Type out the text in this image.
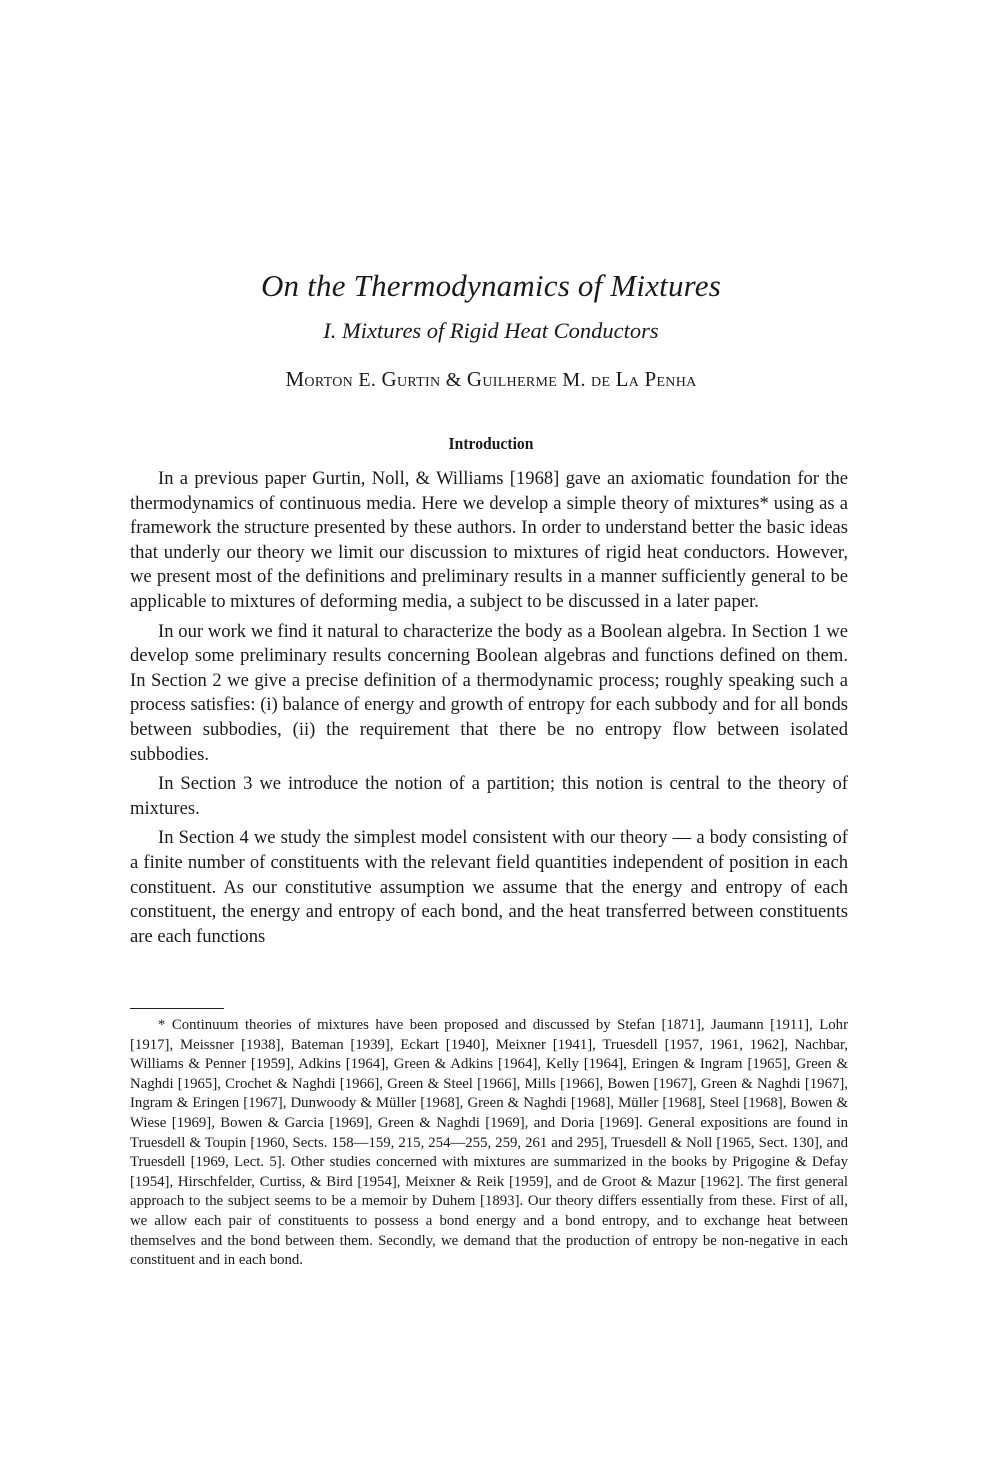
On the Thermodynamics of Mixtures
I. Mixtures of Rigid Heat Conductors
Morton E. Gurtin & Guilherme M. de La Penha
Introduction

In a previous paper Gurtin, Noll, & Williams [1968] gave an axiomatic foundation for the thermodynamics of continuous media. Here we develop a simple theory of mixtures* using as a framework the structure presented by these authors. In order to understand better the basic ideas that underly our theory we limit our discussion to mixtures of rigid heat conductors. However, we present most of the definitions and preliminary results in a manner sufficiently general to be applicable to mixtures of deforming media, a subject to be discussed in a later paper.

In our work we find it natural to characterize the body as a Boolean algebra. In Section 1 we develop some preliminary results concerning Boolean algebras and functions defined on them. In Section 2 we give a precise definition of a thermodynamic process; roughly speaking such a process satisfies: (i) balance of energy and growth of entropy for each subbody and for all bonds between subbodies, (ii) the requirement that there be no entropy flow between isolated subbodies.

In Section 3 we introduce the notion of a partition; this notion is central to the theory of mixtures.

In Section 4 we study the simplest model consistent with our theory — a body consisting of a finite number of constituents with the relevant field quantities independent of position in each constituent. As our constitutive assumption we assume that the energy and entropy of each constituent, the energy and entropy of each bond, and the heat transferred between constituents are each functions

* Continuum theories of mixtures have been proposed and discussed by Stefan [1871], Jaumann [1911], Lohr [1917], Meissner [1938], Bateman [1939], Eckart [1940], Meixner [1941], Truesdell [1957, 1961, 1962], Nachbar, Williams & Penner [1959], Adkins [1964], Green & Adkins [1964], Kelly [1964], Eringen & Ingram [1965], Green & Naghdi [1965], Crochet & Naghdi [1966], Green & Steel [1966], Mills [1966], Bowen [1967], Green & Naghdi [1967], Ingram & Eringen [1967], Dunwoody & Müller [1968], Green & Naghdi [1968], Müller [1968], Steel [1968], Bowen & Wiese [1969], Bowen & Garcia [1969], Green & Naghdi [1969], and Doria [1969]. General expositions are found in Truesdell & Toupin [1960, Sects. 158—159, 215, 254—255, 259, 261 and 295], Truesdell & Noll [1965, Sect. 130], and Truesdell [1969, Lect. 5]. Other studies concerned with mixtures are summarized in the books by Prigogine & Defay [1954], Hirschfelder, Curtiss, & Bird [1954], Meixner & Reik [1959], and de Groot & Mazur [1962]. The first general approach to the subject seems to be a memoir by Duhem [1893]. Our theory differs essentially from these. First of all, we allow each pair of constituents to possess a bond energy and a bond entropy, and to exchange heat between themselves and the bond between them. Secondly, we demand that the production of entropy be non-negative in each constituent and in each bond.
